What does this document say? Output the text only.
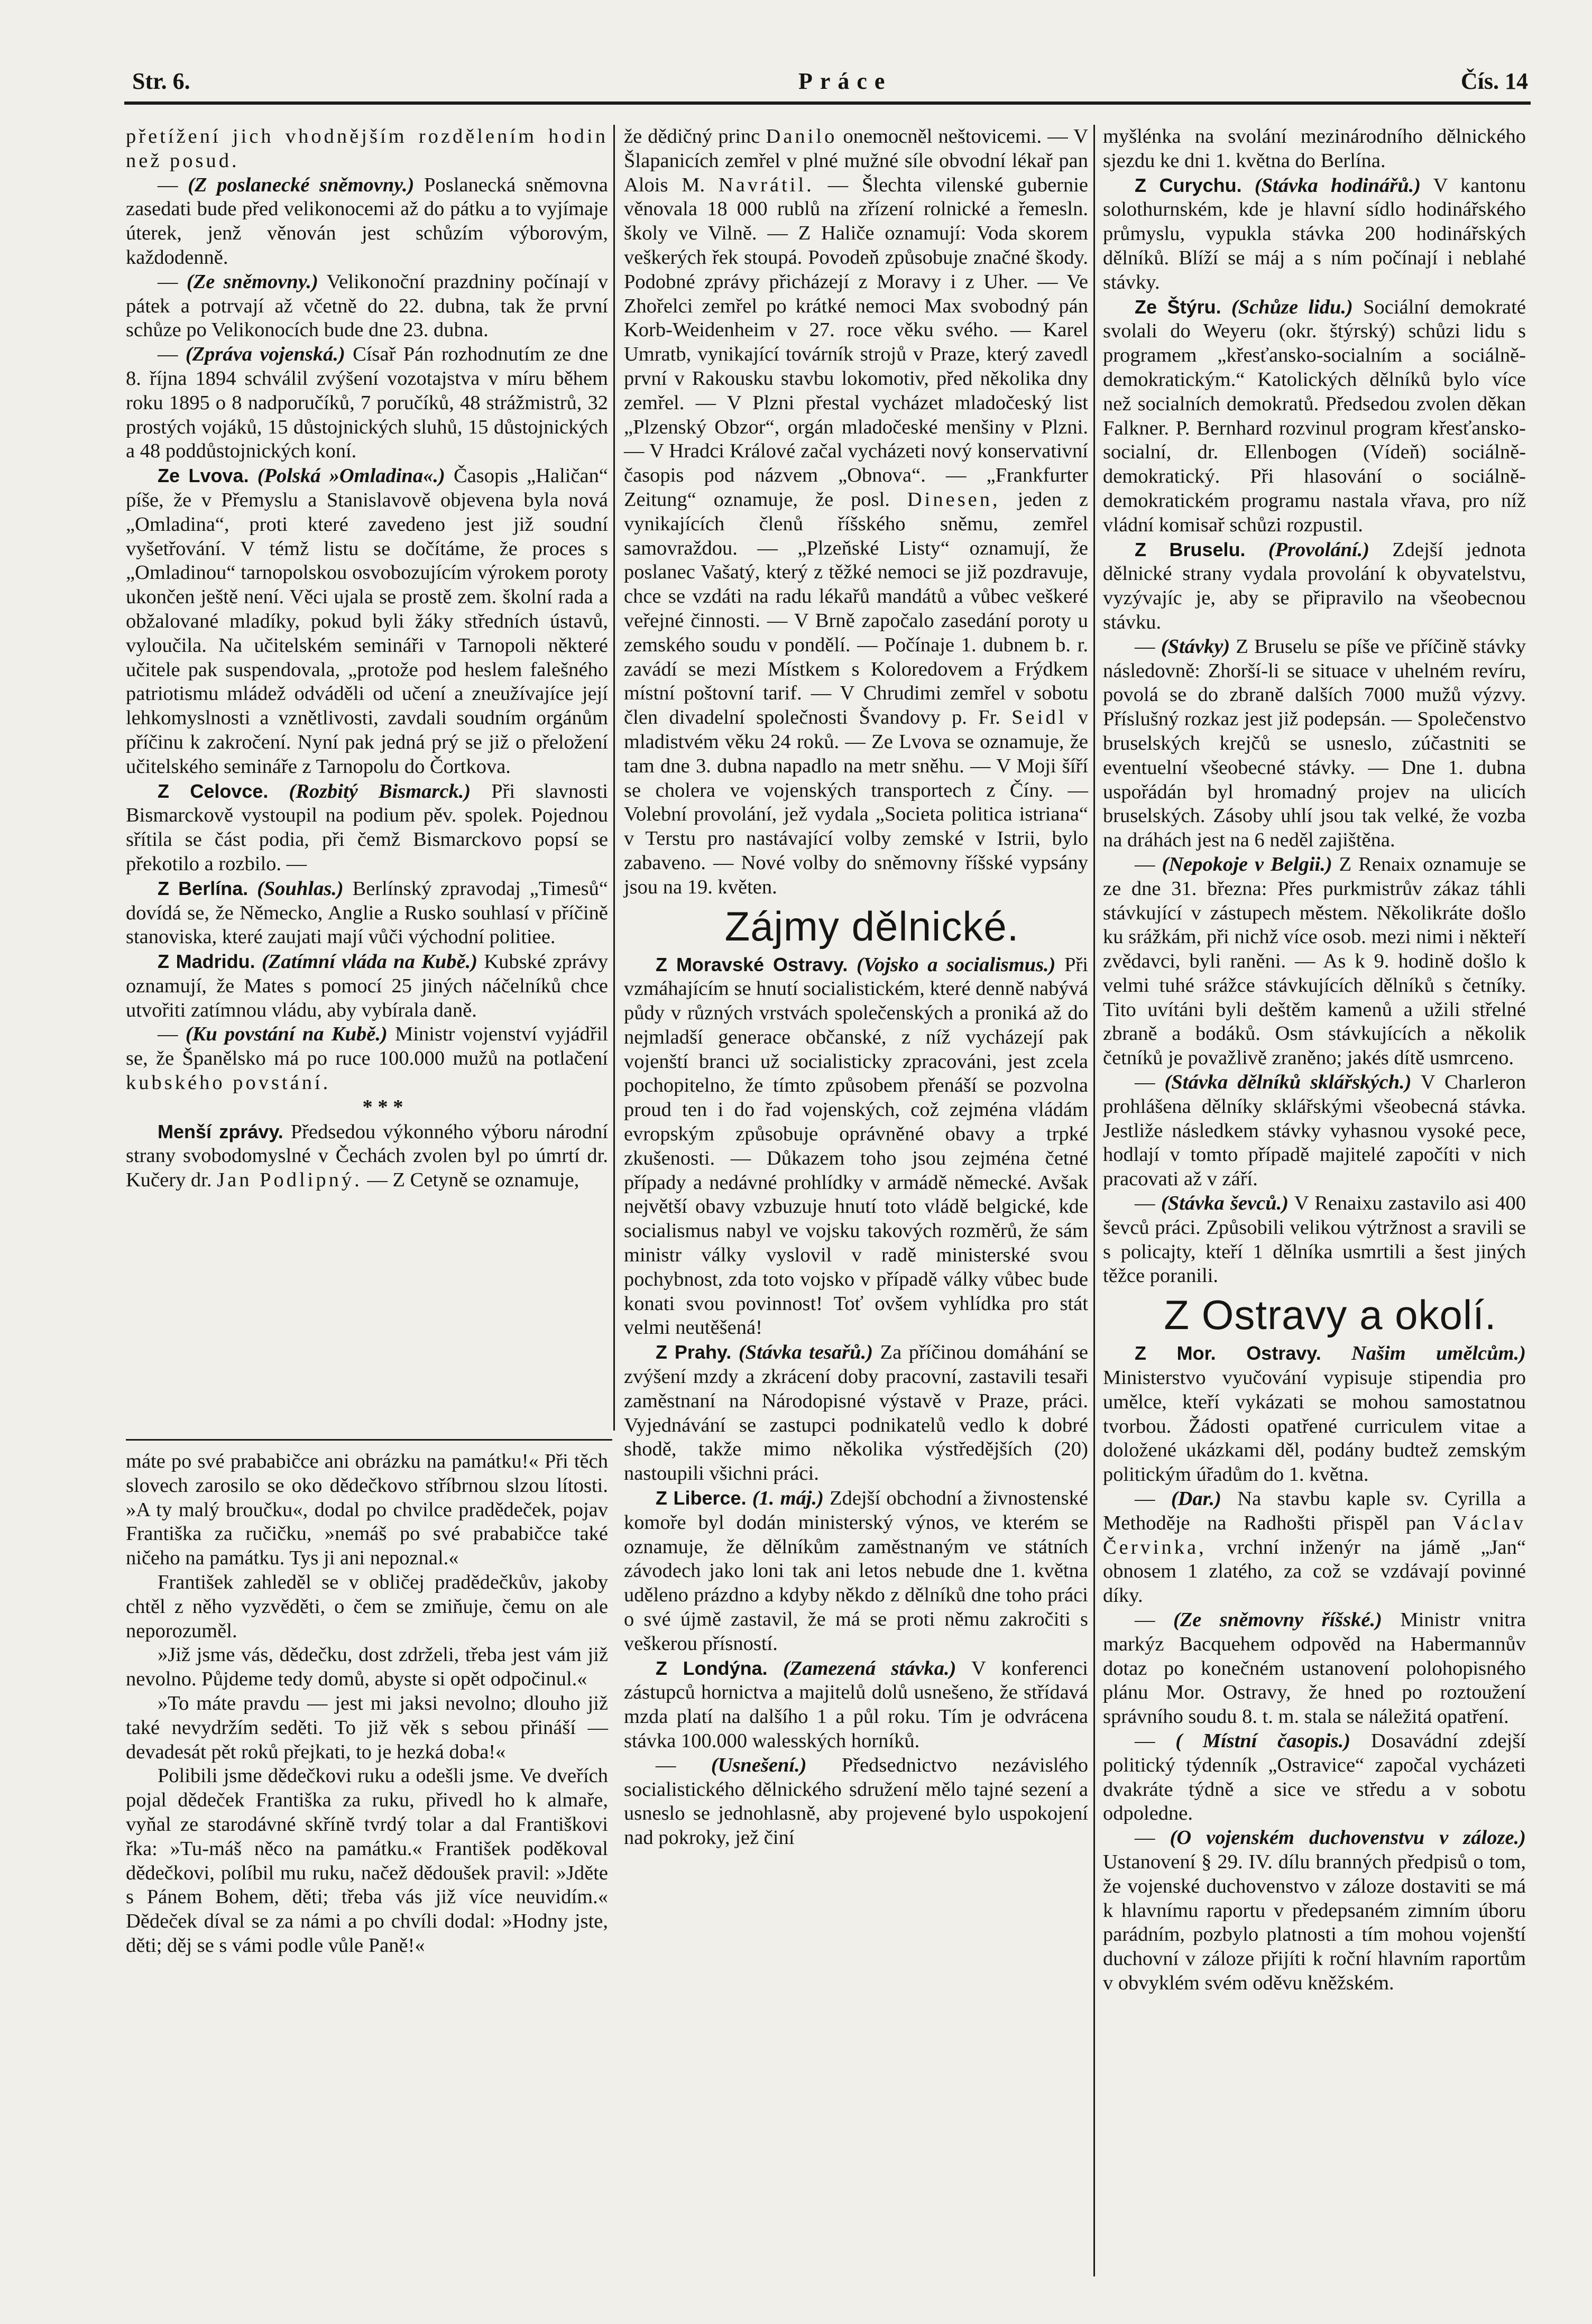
Str. 6.	Práce	Čís. 14

přetížení jich vhodnějším rozdělením hodin než posud.

— (Z poslanecké sněmovny.) Poslanecká sněmovna zasedati bude před velikonocemi až do pátku a to vyjímaje úterek, jenž věnován jest schůzím výborovým, každodenně.

— (Ze sněmovny.) Velikonoční prazdniny počínají v pátek a potrvají až včetně do 22. dubna, tak že první schůze po Velikonocích bude dne 23. dubna.

— (Zpráva vojenská.) Císař Pán rozhodnutím ze dne 8. října 1894 schválil zvýšení vozotajstva v míru během roku 1895 o 8 nadporučíků, 7 poručíků, 48 strážmistrů, 32 prostých vojáků, 15 důstojnických sluhů, 15 důstojnických a 48 poddůstojnických koní.

Ze Lvova. (Polská »Omladina«.) Časopis „Haličan“ píše, že v Přemyslu a Stanislavově objevena byla nová „Omladina“, proti které zavedeno jest již soudní vyšetřování. V témž listu se dočítáme, že proces s „Omladinou“ tarnopolskou osvobozujícím výrokem poroty ukončen ještě není. Věci ujala se prostě zem. školní rada a obžalované mladíky, pokud byli žáky středních ústavů, vyloučila. Na učitelském semináři v Tarnopoli některé učitele pak suspendovala, „protože pod heslem falešného patriotismu mládež odváděli od učení a zneužívajíce její lehkomyslnosti a vznětlivosti, zavdali soudním orgánům příčinu k zakročení. Nyní pak jedná prý se již o přeložení učitelského semináře z Tarnopolu do Čortkova.

Z Celovce. (Rozbitý Bismarck.) Při slavnosti Bismarckově vystoupil na podium pěv. spolek. Pojednou sřítila se část podia, při čemž Bismarckovo popsí se překotilo a rozbilo. —

Z Berlína. (Souhlas.) Berlínský zpravodaj „Timesů“ dovídá se, že Německo, Anglie a Rusko souhlasí v příčině stanoviska, které zaujati mají vůči východní politiee.

Z Madridu. (Zatímní vláda na Kubě.) Kubské zprávy oznamují, že Mates s pomocí 25 jiných náčelníků chce utvořiti zatímnou vládu, aby vybírala daně.

— (Ku povstání na Kubě.) Ministr vojenství vyjádřil se, že Španělsko má po ruce 100.000 mužů na potlačení kubského povstání.

* * *

Menší zprávy. Předsedou výkonného výboru národní strany svobodomyslné v Čechách zvolen byl po úmrtí dr. Kučery dr. Jan Podlipný. — Z Cetyně se oznamuje,

že dědičný princ Danilo onemocněl neštovicemi. — V Šlapanicích zemřel v plné mužné síle obvodní lékař pan Alois M. Navrátil. — Šlechta vilenské gubernie věnovala 18 000 rublů na zřízení rolnické a řemesln. školy ve Vilně. — Z Haliče oznamují: Voda skorem veškerých řek stoupá. Povodeň způsobuje značné škody. Podobné zprávy přicházejí z Moravy i z Uher. — Ve Zhořelci zemřel po krátké nemoci Max svobodný pán Korb-Weidenheim v 27. roce věku svého. — Karel Umratb, vynikající továrník strojů v Praze, který zavedl první v Rakousku stavbu lokomotiv, před několika dny zemřel. — V Plzni přestal vycházet mladočeský list „Plzenský Obzor“, orgán mladočeské menšiny v Plzni. — V Hradci Králové začal vycházeti nový konservativní časopis pod názvem „Obnova“. — „Frankfurter Zeitung“ oznamuje, že posl. Dinesen, jeden z vynikajících členů říšského sněmu, zemřel samovraždou. — „Plzeňské Listy“ oznamují, že poslanec Vašatý, který z těžké nemoci se již pozdravuje, chce se vzdáti na radu lékařů mandátů a vůbec veškeré veřejné činnosti. — V Brně započalo zasedání poroty u zemského soudu v pondělí. — Počínaje 1. dubnem b. r. zavádí se mezi Místkem s Koloredovem a Frýdkem místní poštovní tarif. — V Chrudimi zemřel v sobotu člen divadelní společnosti Švandovy p. Fr. Seidl v mladistvém věku 24 roků. — Ze Lvova se oznamuje, že tam dne 3. dubna napadlo na metr sněhu. — V Moji šíří se cholera ve vojenských transportech z Číny. — Volební provolání, jež vydala „Societa politica istriana“ v Terstu pro nastávající volby zemské v Istrii, bylo zabaveno. — Nové volby do sněmovny říšské vypsány jsou na 19. květen.

Zájmy dělnické.

Z Moravské Ostravy. (Vojsko a socialismus.) Při vzmáhajícím se hnutí socialistickém, které denně nabývá půdy v různých vrstvách společenských a proniká až do nejmladší generace občanské, z níž vycházejí pak vojenští branci už socialisticky zpracováni, jest zcela pochopitelno, že tímto způsobem přenáší se pozvolna proud ten i do řad vojenských, což zejména vládám evropským způsobuje oprávněné obavy a trpké zkušenosti. — Důkazem toho jsou zejména četné případy a nedávné prohlídky v armádě německé. Avšak největší obavy vzbuzuje hnutí toto vládě belgické, kde socialismus nabyl ve vojsku takových rozměrů, že sám ministr války vyslovil v radě ministerské svou pochybnost, zda toto vojsko v případě války vůbec bude konati svou povinnost! Toť ovšem vyhlídka pro stát velmi neutěšená!

Z Prahy. (Stávka tesařů.) Za příčinou domáhání se zvýšení mzdy a zkrácení doby pracovní, zastavili tesaři zaměstnaní na Národopisné výstavě v Praze, práci. Vyjednávání se zastupci podnikatelů vedlo k dobré shodě, takže mimo několika výstředějších (20) nastoupili všichni práci.

Z Liberce. (1. máj.) Zdejší obchodní a živnostenské komoře byl dodán ministerský výnos, ve kterém se oznamuje, že dělníkům zaměstnaným ve státních závodech jako loni tak ani letos nebude dne 1. května uděleno prázdno a kdyby někdo z dělníků dne toho práci o své újmě zastavil, že má se proti němu zakročiti s veškerou přísností.

Z Londýna. (Zamezená stávka.) V konferenci zástupců hornictva a majitelů dolů usnešeno, že střídavá mzda platí na dalšího 1 a půl roku. Tím je odvrácena stávka 100.000 walesských horníků.

— (Usnešení.) Předsednictvo nezávislého socialistického dělnického sdružení mělo tajné sezení a usneslo se jednohlasně, aby projevené bylo uspokojení nad pokroky, jež činí

myšlénka na svolání mezinárodního dělnického sjezdu ke dni 1. května do Berlína.

Z Curychu. (Stávka hodinářů.) V kantonu solothurnském, kde je hlavní sídlo hodinářského průmyslu, vypukla stávka 200 hodinářských dělníků. Blíží se máj a s ním počínají i neblahé stávky.

Ze Štýru. (Schůze lidu.) Sociální demokraté svolali do Weyeru (okr. štýrský) schůzi lidu s programem „křesťansko-socialním a sociálně-demokratickým.“ Katolických dělníků bylo více než socialních demokratů. Předsedou zvolen děkan Falkner. P. Bernhard rozvinul program křesťansko-socialní, dr. Ellenbogen (Vídeň) sociálně-demokratický. Při hlasování o sociálně-demokratickém programu nastala vřava, pro níž vládní komisař schůzi rozpustil.

Z Bruselu. (Provolání.) Zdejší jednota dělnické strany vydala provolání k obyvatelstvu, vyzývajíc je, aby se připravilo na všeobecnou stávku.

— (Stávky) Z Bruselu se píše ve příčině stávky následovně: Zhorší-li se situace v uhelném revíru, povolá se do zbraně dalších 7000 mužů výzvy. Příslušný rozkaz jest již podepsán. — Společenstvo bruselských krejčů se usneslo, zúčastniti se eventuelní všeobecné stávky. — Dne 1. dubna uspořádán byl hromadný projev na ulicích bruselských. Zásoby uhlí jsou tak velké, že vozba na dráhách jest na 6 neděl zajištěna.

— (Nepokoje v Belgii.) Z Renaix oznamuje se ze dne 31. března: Přes purkmistrův zákaz táhli stávkující v zástupech městem. Několikráte došlo ku srážkám, při nichž více osob. mezi nimi i někteří zvědavci, byli raněni. — As k 9. hodině došlo k velmi tuhé srážce stávkujících dělníků s četníky. Tito uvítáni byli deštěm kamenů a užili střelné zbraně a bodáků. Osm stávkujících a několik četníků je považlivě zraněno; jakés dítě usmrceno.

— (Stávka dělníků sklářských.) V Charleron prohlášena dělníky sklářskými všeobecná stávka. Jestliže následkem stávky vyhasnou vysoké pece, hodlají v tomto případě majitelé započíti v nich pracovati až v září.

— (Stávka ševců.) V Renaixu zastavilo asi 400 ševců práci. Způsobili velikou výtržnost a sravili se s policajty, kteří 1 dělníka usmrtili a šest jiných těžce poranili.

Z Ostravy a okolí.

Z Mor. Ostravy. Našim umělcům.) Ministerstvo vyučování vypisuje stipendia pro umělce, kteří vykázati se mohou samostatnou tvorbou. Žádosti opatřené curriculem vitae a doložené ukázkami děl, podány budtež zemským politickým úřadům do 1. května.

— (Dar.) Na stavbu kaple sv. Cyrilla a Methoděje na Radhošti přispěl pan Václav Červinka, vrchní inženýr na jámě „Jan“ obnosem 1 zlatého, za což se vzdávají povinné díky.

— (Ze sněmovny říšské.) Ministr vnitra markýz Bacquehem odpověd na Habermannův dotaz po konečném ustanovení polohopisného plánu Mor. Ostravy, že hned po roztoužení správního soudu 8. t. m. stala se náležitá opatření.

— ( Místní časopis.) Dosavádní zdejší politický týdenník „Ostravice“ započal vycházeti dvakráte týdně a sice ve středu a v sobotu odpoledne.

— (O vojenském duchovenstvu v záloze.) Ustanovení § 29. IV. dílu branných předpisů o tom, že vojenské duchovenstvo v záloze dostaviti se má k hlavnímu raportu v předepsaném zimním úboru parádním, pozbylo platnosti a tím mohou vojenští duchovní v záloze přijíti k roční hlavním raportům v obvyklém svém oděvu kněžském.

máte po své prababičce ani obrázku na památku!« Při těch slovech zarosilo se oko dědečkovo stříbrnou slzou lítosti. »A ty malý broučku«, dodal po chvilce pradědeček, pojav Františka za ručičku, »nemáš po své prababičce také ničeho na památku. Tys ji ani nepoznal.«

František zahleděl se v obličej pradědečkův, jakoby chtěl z něho vyzvěděti, o čem se zmiňuje, čemu on ale neporozuměl.

»Již jsme vás, dědečku, dost zdrželi, třeba jest vám již nevolno. Půjdeme tedy domů, abyste si opět odpočinul.«

»To máte pravdu — jest mi jaksi nevolno; dlouho již také nevydržím seděti. To již věk s sebou přináší — devadesát pět roků přejkati, to je hezká doba!«

Polibili jsme dědečkovi ruku a odešli jsme. Ve dveřích pojal dědeček Františka za ruku, přivedl ho k almaře, vyňal ze starodávné skříně tvrdý tolar a dal Františkovi řka: »Tu-máš něco na památku.« František poděkoval dědečkovi, políbil mu ruku, načež dědoušek pravil: »Jděte s Pánem Bohem, děti; třeba vás již více neuvidím.« Dědeček díval se za námi a po chvíli dodal: »Hodny jste, děti; děj se s vámi podle vůle Paně!«
